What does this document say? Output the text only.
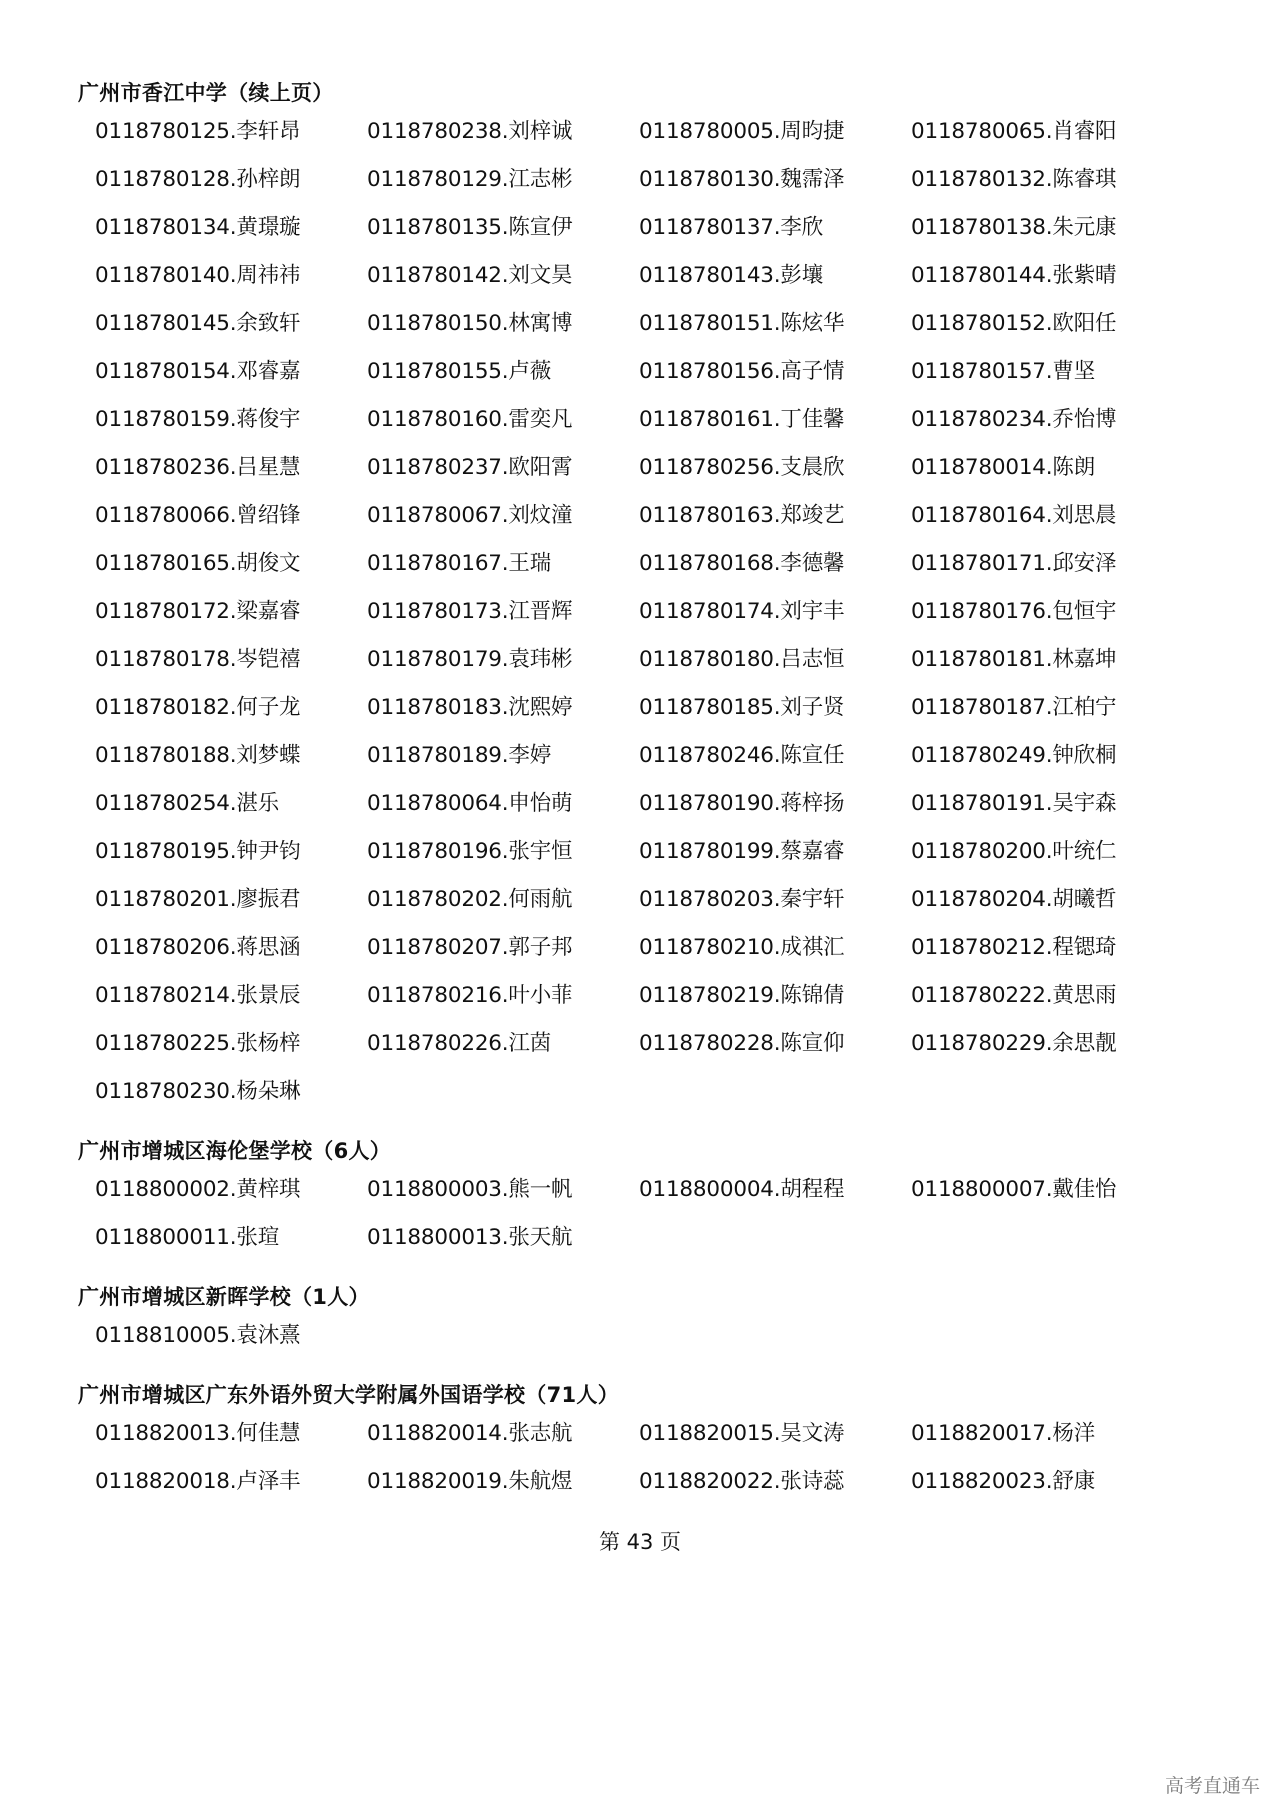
广州市香江中学（续上页）
0118780125.李轩昂	0118780238.刘梓诚	0118780005.周昀捷	0118780065.肖睿阳
0118780128.孙梓朗	0118780129.江志彬	0118780130.魏霈泽	0118780132.陈睿琪
0118780134.黄璟璇	0118780135.陈宣伊	0118780137.李欣	0118780138.朱元康
0118780140.周祎祎	0118780142.刘文昊	0118780143.彭壤	0118780144.张紫晴
0118780145.余致轩	0118780150.林寓博	0118780151.陈炫华	0118780152.欧阳任
0118780154.邓睿嘉	0118780155.卢薇	0118780156.高子情	0118780157.曹坚
0118780159.蒋俊宇	0118780160.雷奕凡	0118780161.丁佳馨	0118780234.乔怡博
0118780236.吕星慧	0118780237.欧阳霄	0118780256.支晨欣	0118780014.陈朗
0118780066.曾绍锋	0118780067.刘炆潼	0118780163.郑竣艺	0118780164.刘思晨
0118780165.胡俊文	0118780167.王瑞	0118780168.李德馨	0118780171.邱安泽
0118780172.梁嘉睿	0118780173.江晋辉	0118780174.刘宇丰	0118780176.包恒宇
0118780178.岑铠禧	0118780179.袁玮彬	0118780180.吕志恒	0118780181.林嘉坤
0118780182.何子龙	0118780183.沈熙婷	0118780185.刘子贤	0118780187.江柏宁
0118780188.刘梦蝶	0118780189.李婷	0118780246.陈宣任	0118780249.钟欣桐
0118780254.湛乐	0118780064.申怡萌	0118780190.蒋梓扬	0118780191.吴宇森
0118780195.钟尹钧	0118780196.张宇恒	0118780199.蔡嘉睿	0118780200.叶统仁
0118780201.廖振君	0118780202.何雨航	0118780203.秦宇轩	0118780204.胡曦哲
0118780206.蒋思涵	0118780207.郭子邦	0118780210.成祺汇	0118780212.程锶琦
0118780214.张景辰	0118780216.叶小菲	0118780219.陈锦倩	0118780222.黄思雨
0118780225.张杨梓	0118780226.江茵	0118780228.陈宣仰	0118780229.余思靓
0118780230.杨朵琳
广州市增城区海伦堡学校（6人）
0118800002.黄梓琪	0118800003.熊一帆	0118800004.胡程程	0118800007.戴佳怡
0118800011.张瑄	0118800013.张天航
广州市增城区新晖学校（1人）
0118810005.袁沐熹
广州市增城区广东外语外贸大学附属外国语学校（71人）
0118820013.何佳慧	0118820014.张志航	0118820015.吴文涛	0118820017.杨洋
0118820018.卢泽丰	0118820019.朱航煜	0118820022.张诗蕊	0118820023.舒康
第 43 页
高考直通车
